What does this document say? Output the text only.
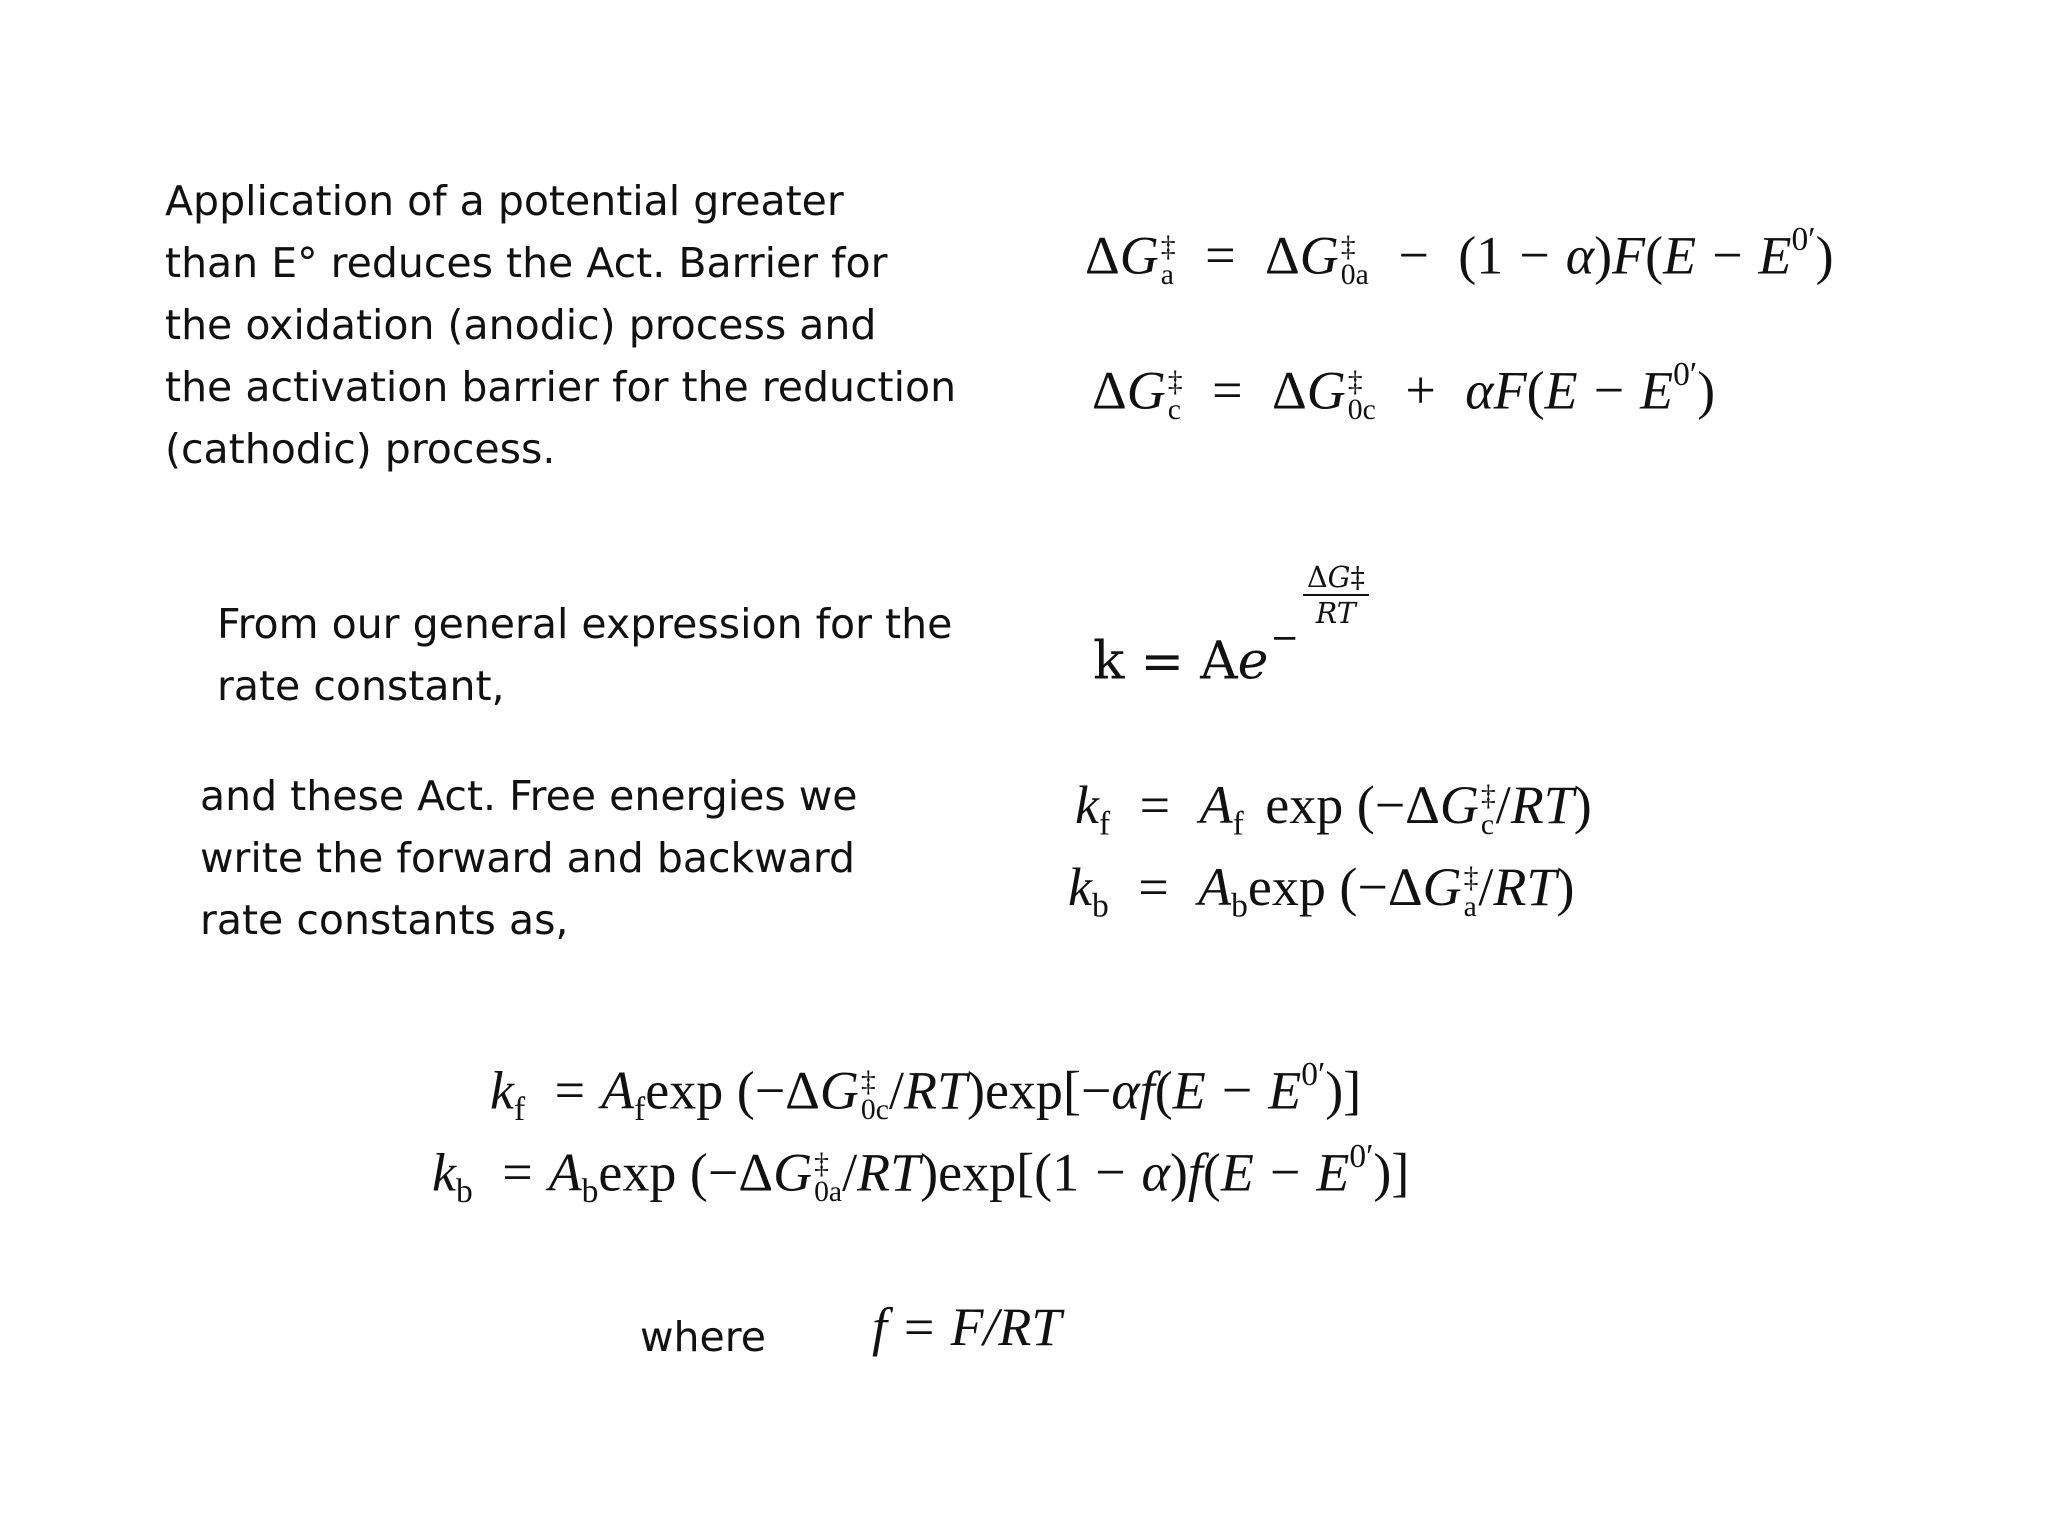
Application of a potential greater
than E° reduces the Act. Barrier for
the oxidation (anodic) process and
the activation barrier for the reduction
(cathodic) process.
ΔG ‡
a = ΔG ‡
$0a - (1 - \alpha)F(E - E^{0'})$
ΔG ‡
c = ΔG ‡
$0c + \alpha F(E - E^{0'})$
From our general expression for the
rate constant,	k = Ae−
$\frac{\Delta G\ddagger}{RT}$
and these Act. Free energies we
write the forward and backward
rate constants as,
$k_f = A_f$ exp (−ΔG ‡
c /RT)
$k_b = A_b\exp$ (−ΔG ‡
a /RT)
$k_f = A_f\exp$ (−ΔG ‡
0c $/RT)\exp[-\alpha f(E - E^{0'})]$
$k_b = A_b\exp$ (−ΔG ‡
0a $/RT)\exp[(1 - \alpha)f(E - E^{0'})]$
where f = F/RT
